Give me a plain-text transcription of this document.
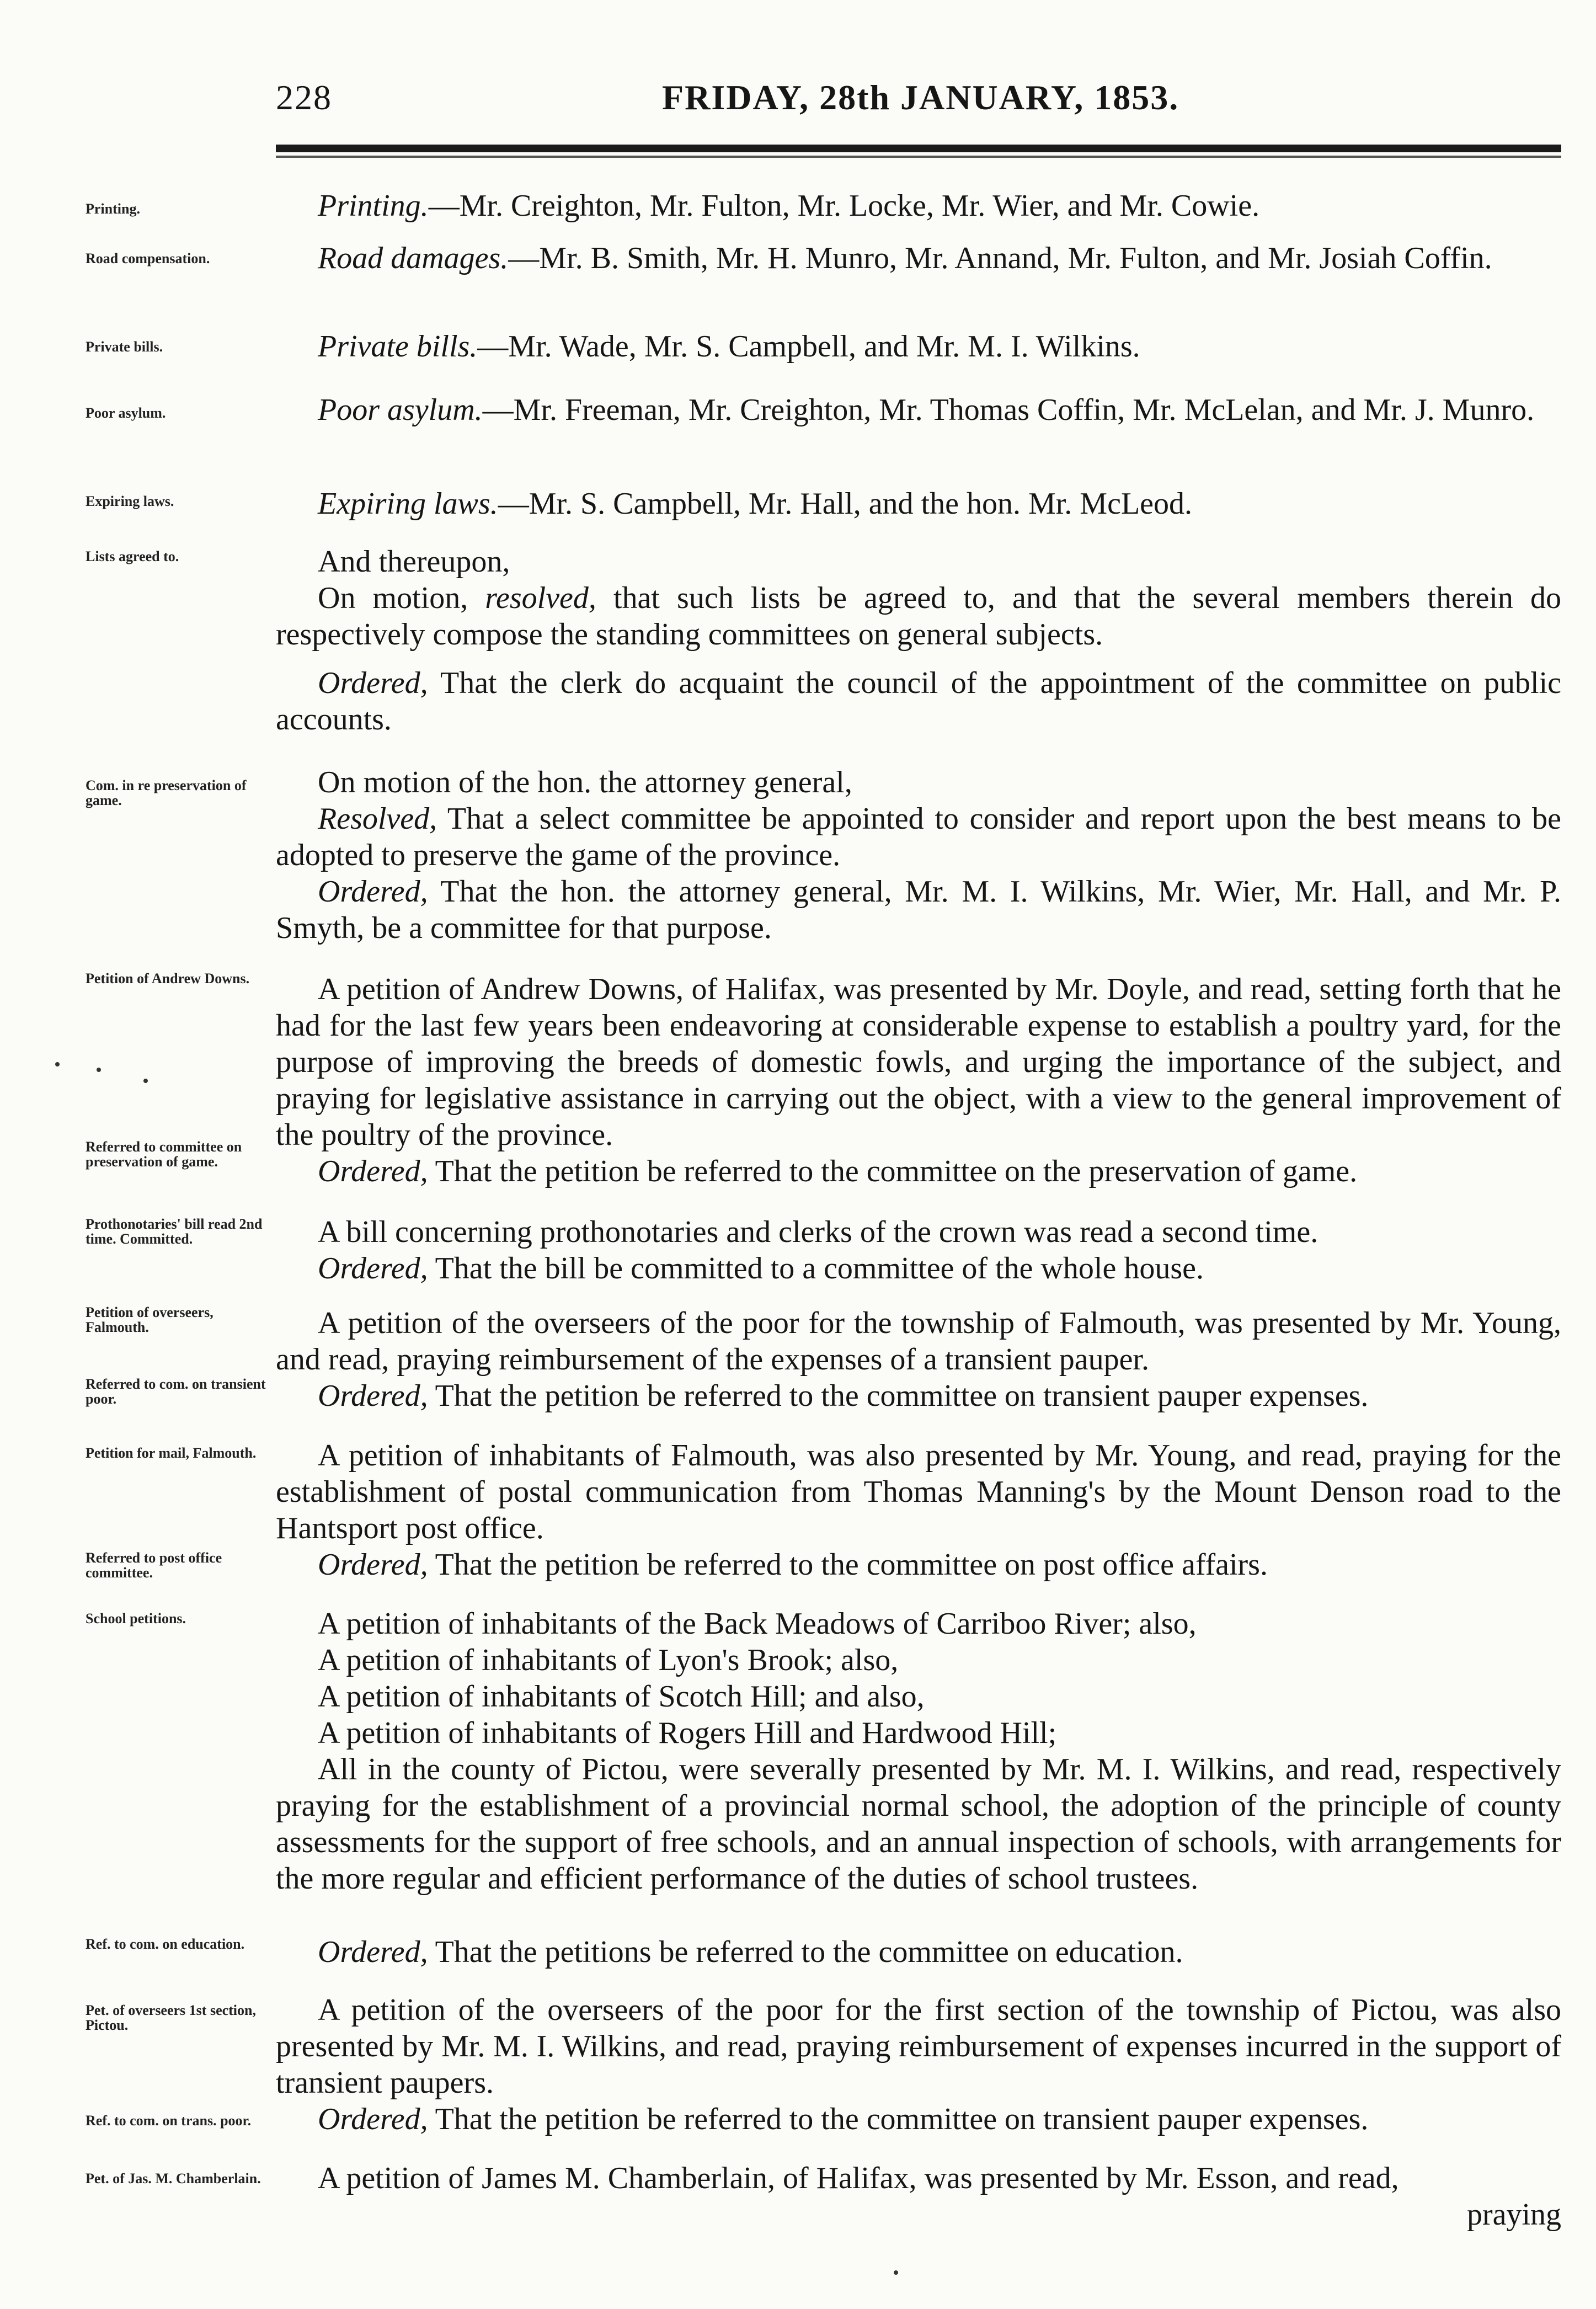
228	FRIDAY, 28th JANUARY, 1853.
Printing.
Road compensation.
Private bills.
Poor asylum.
Expiring laws.
Lists agreed to.
Com. in re preservation of game.
Petition of Andrew Downs.
Referred to committee on preservation of game.
Prothonotaries' bill read 2nd time. Committed.
Petition of overseers, Falmouth.
Referred to com. on transient poor.
Petition for mail, Falmouth.
Referred to post office committee.
School petitions.
Ref. to com. on education.
Pet. of overseers 1st section, Pictou.
Ref. to com. on trans. poor.
Pet. of Jas. M. Chamberlain.
Printing.—Mr. Creighton, Mr. Fulton, Mr. Locke, Mr. Wier, and Mr. Cowie.
Road damages.—Mr. B. Smith, Mr. H. Munro, Mr. Annand, Mr. Fulton, and Mr. Josiah Coffin.
Private bills.—Mr. Wade, Mr. S. Campbell, and Mr. M. I. Wilkins.
Poor asylum.—Mr. Freeman, Mr. Creighton, Mr. Thomas Coffin, Mr. McLelan, and Mr. J. Munro.
Expiring laws.—Mr. S. Campbell, Mr. Hall, and the hon. Mr. McLeod.
And thereupon,
On motion, resolved, that such lists be agreed to, and that the several members therein do respectively compose the standing committees on general subjects.
Ordered, That the clerk do acquaint the council of the appointment of the committee on public accounts.
On motion of the hon. the attorney general,
Resolved, That a select committee be appointed to consider and report upon the best means to be adopted to preserve the game of the province.
Ordered, That the hon. the attorney general, Mr. M. I. Wilkins, Mr. Wier, Mr. Hall, and Mr. P. Smyth, be a committee for that purpose.
A petition of Andrew Downs, of Halifax, was presented by Mr. Doyle, and read, setting forth that he had for the last few years been endeavoring at considerable expense to establish a poultry yard, for the purpose of improving the breeds of domestic fowls, and urging the importance of the subject, and praying for legislative assistance in carrying out the object, with a view to the general improvement of the poultry of the province.
Ordered, That the petition be referred to the committee on the preservation of game.
A bill concerning prothonotaries and clerks of the crown was read a second time.
Ordered, That the bill be committed to a committee of the whole house.
A petition of the overseers of the poor for the township of Falmouth, was presented by Mr. Young, and read, praying reimbursement of the expenses of a transient pauper.
Ordered, That the petition be referred to the committee on transient pauper expenses.
A petition of inhabitants of Falmouth, was also presented by Mr. Young, and read, praying for the establishment of postal communication from Thomas Manning's by the Mount Denson road to the Hantsport post office.
Ordered, That the petition be referred to the committee on post office affairs.
A petition of inhabitants of the Back Meadows of Carriboo River; also,
A petition of inhabitants of Lyon's Brook; also,
A petition of inhabitants of Scotch Hill; and also,
A petition of inhabitants of Rogers Hill and Hardwood Hill;
All in the county of Pictou, were severally presented by Mr. M. I. Wilkins, and read, respectively praying for the establishment of a provincial normal school, the adoption of the principle of county assessments for the support of free schools, and an annual inspection of schools, with arrangements for the more regular and efficient performance of the duties of school trustees.
Ordered, That the petitions be referred to the committee on education.
A petition of the overseers of the poor for the first section of the township of Pictou, was also presented by Mr. M. I. Wilkins, and read, praying reimbursement of expenses incurred in the support of transient paupers.
Ordered, That the petition be referred to the committee on transient pauper expenses.
A petition of James M. Chamberlain, of Halifax, was presented by Mr. Esson, and read,
praying
